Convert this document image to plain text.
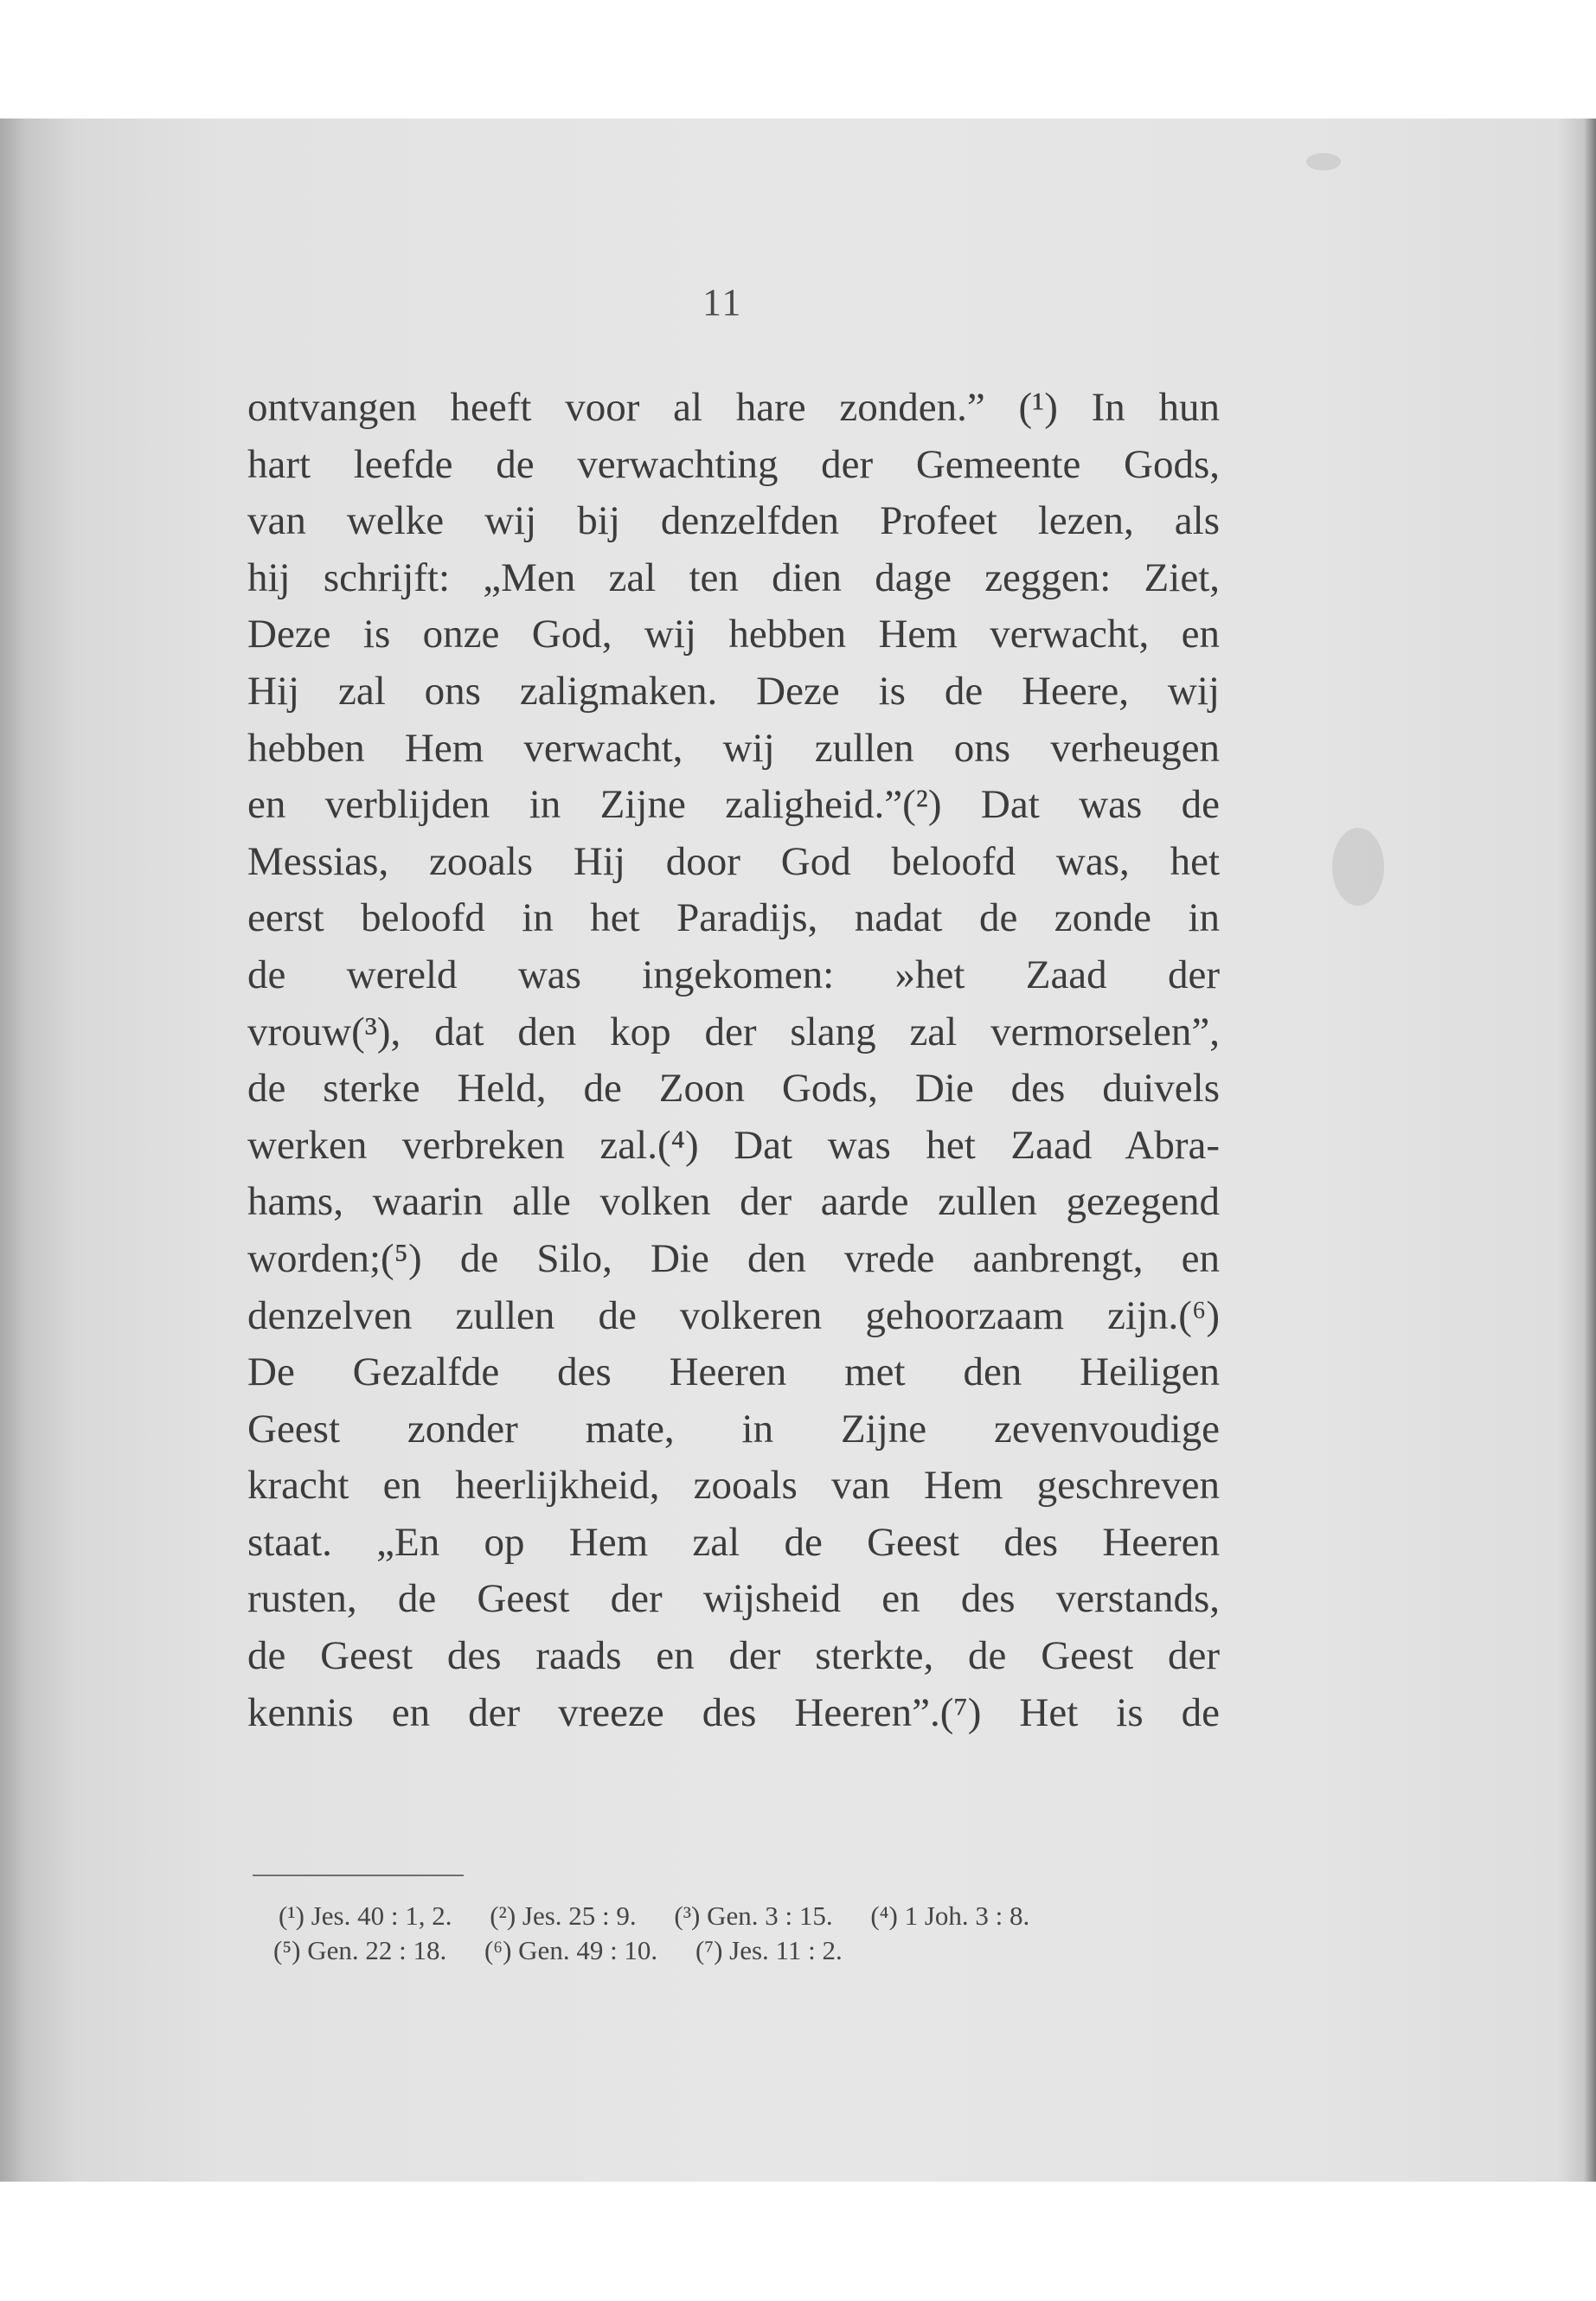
11
ontvangen heeft voor al hare zonden.” (¹) In hun
hart leefde de verwachting der Gemeente Gods,
van welke wij bij denzelfden Profeet lezen, als
hij schrijft: „Men zal ten dien dage zeggen: Ziet,
Deze is onze God, wij hebben Hem verwacht, en
Hij zal ons zaligmaken. Deze is de Heere, wij
hebben Hem verwacht, wij zullen ons verheugen
en verblijden in Zijne zaligheid.”(²) Dat was de
Messias, zooals Hij door God beloofd was, het
eerst beloofd in het Paradijs, nadat de zonde in
de wereld was ingekomen: »het Zaad der
vrouw(³), dat den kop der slang zal vermorselen”,
de sterke Held, de Zoon Gods, Die des duivels
werken verbreken zal.(⁴) Dat was het Zaad Abra-
hams, waarin alle volken der aarde zullen gezegend
worden;(⁵) de Silo, Die den vrede aanbrengt, en
denzelven zullen de volkeren gehoorzaam zijn.(⁶)
De Gezalfde des Heeren met den Heiligen
Geest zonder mate, in Zijne zevenvoudige
kracht en heerlijkheid, zooals van Hem geschreven
staat. „En op Hem zal de Geest des Heeren
rusten, de Geest der wijsheid en des verstands,
de Geest des raads en der sterkte, de Geest der
kennis en der vreeze des Heeren”.(⁷) Het is de
(¹) Jes. 40 : 1, 2. (²) Jes. 25 : 9. (³) Gen. 3 : 15. (⁴) 1 Joh. 3 : 8.
(⁵) Gen. 22 : 18. (⁶) Gen. 49 : 10. (⁷) Jes. 11 : 2.
